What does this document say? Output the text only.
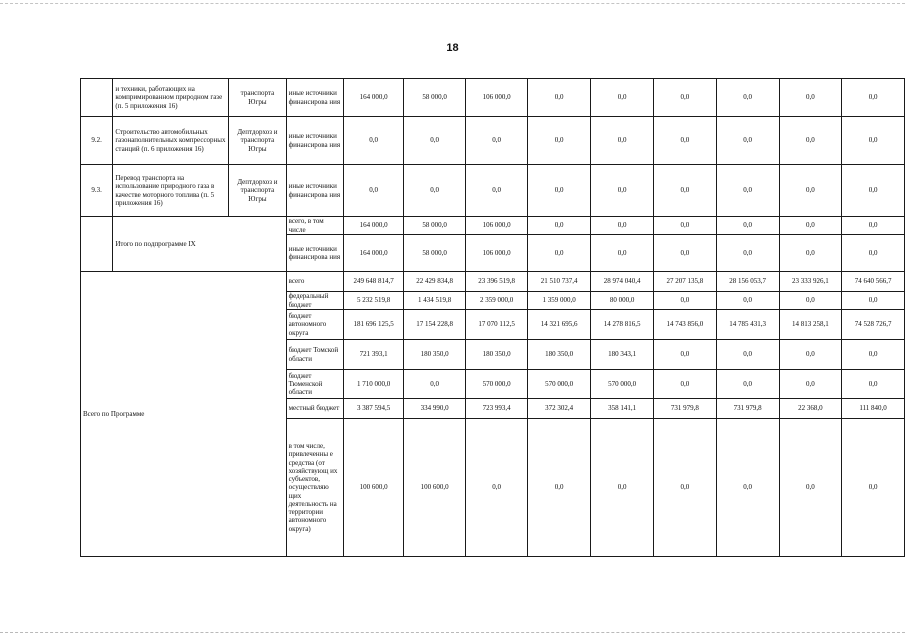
18
	и техники, работающих на компримированном природном газе (п. 5 приложения 16)	транспорта Югры	иные источники финансирова ния	164 000,0	58 000,0	106 000,0	0,0	0,0	0,0	0,0	0,0	0,0
9.2.	Строительство автомобильных газонаполнительных компрессорных станций (п. 6 приложения 16)	Дептдорхоз и транспорта Югры	иные источники финансирова ния	0,0	0,0	0,0	0,0	0,0	0,0	0,0	0,0	0,0
9.3.	Перевод транспорта на использование природного газа в качестве моторного топлива (п. 5 приложения 16)	Дептдорхоз и транспорта Югры	иные источники финансирова ния	0,0	0,0	0,0	0,0	0,0	0,0	0,0	0,0	0,0
	Итого по подпрограмме IX		всего, в том числе	164 000,0	58 000,0	106 000,0	0,0	0,0	0,0	0,0	0,0	0,0
			иные источники финансирова ния	164 000,0	58 000,0	106 000,0	0,0	0,0	0,0	0,0	0,0	0,0
Всего по Программе			всего	249 648 814,7	22 429 834,8	23 396 519,8	21 510 737,4	28 974 040,4	27 207 135,8	28 156 053,7	23 333 926,1	74 640 566,7
			федеральный бюджет	5 232 519,8	1 434 519,8	2 359 000,0	1 359 000,0	80 000,0	0,0	0,0	0,0	0,0
			бюджет автономного округа	181 696 125,5	17 154 228,8	17 070 112,5	14 321 695,6	14 278 816,5	14 743 856,0	14 785 431,3	14 813 258,1	74 528 726,7
			бюджет Томской области	721 393,1	180 350,0	180 350,0	180 350,0	180 343,1	0,0	0,0	0,0	0,0
			бюджет Тюменской области	1 710 000,0	0,0	570 000,0	570 000,0	570 000,0	0,0	0,0	0,0	0,0
			местный бюджет	3 387 594,5	334 990,0	723 993,4	372 302,4	358 141,1	731 979,8	731 979,8	22 368,0	111 840,0
			в том числе, привлеченны е средства (от хозяйствующ их субъектов, осуществляю щих деятельность на территории автономного округа)	100 600,0	100 600,0	0,0	0,0	0,0	0,0	0,0	0,0	0,0
